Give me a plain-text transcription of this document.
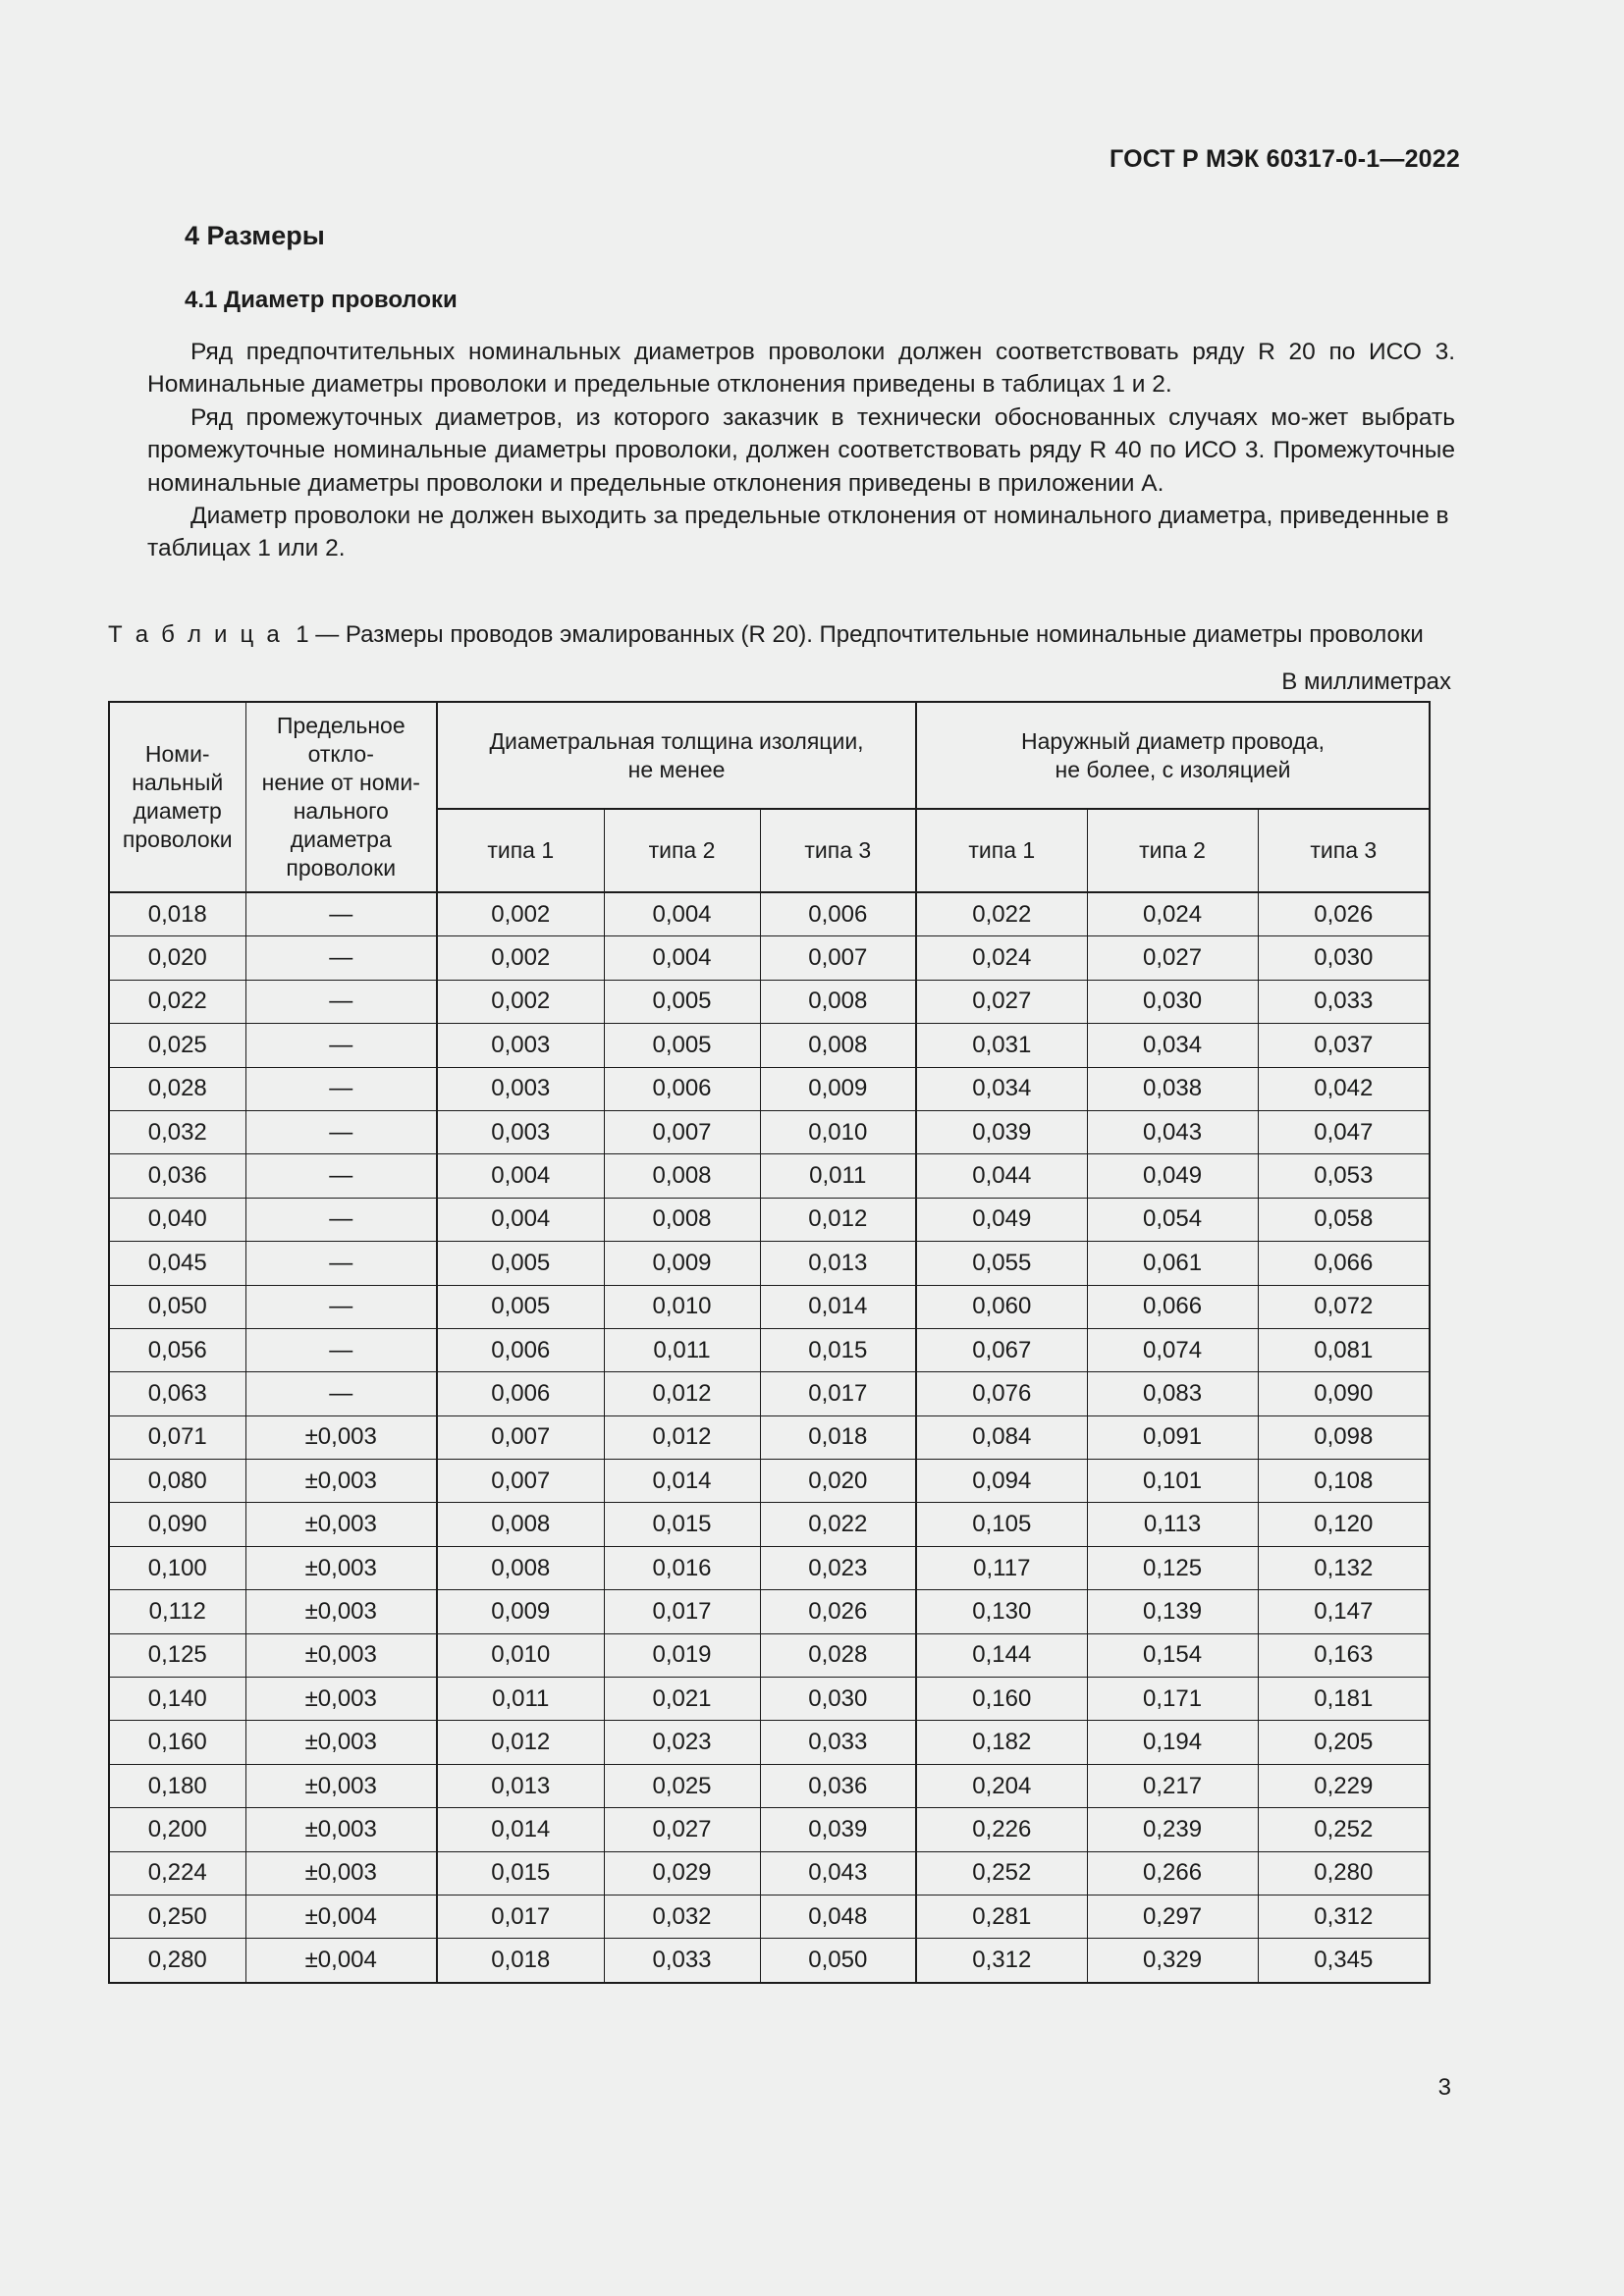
ГОСТ Р МЭК 60317-0-1—2022
4 Размеры
4.1 Диаметр проволоки

Ряд предпочтительных номинальных диаметров проволоки должен соответствовать ряду R 20 по ИСО 3. Номинальные диаметры проволоки и предельные отклонения приведены в таблицах 1 и 2.

Ряд промежуточных диаметров, из которого заказчик в технически обоснованных случаях мо‐жет выбрать промежуточные номинальные диаметры проволоки, должен соответствовать ряду R 40 по ИСО 3. Промежуточные номинальные диаметры проволоки и предельные отклонения приведены в приложении А.

Диаметр проволоки не должен выходить за предельные отклонения от номинального диаметра, приведенные в таблицах 1 или 2.

Т а б л и ц а 1 — Размеры проводов эмалированных (R 20). Предпочтительные номинальные диаметры проволоки
В миллиметрах
Номи-
нальный
диаметр
проволоки	Предельное откло-
нение от номи-
нального диаметра
проволоки	Диаметральная толщина изоляции,
не менее			Наружный диаметр провода,
не более, с изоляцией		
		типа 1	типа 2	типа 3	типа 1	типа 2	типа 3
0,018	—	0,002	0,004	0,006	0,022	0,024	0,026
0,020	—	0,002	0,004	0,007	0,024	0,027	0,030
0,022	—	0,002	0,005	0,008	0,027	0,030	0,033
0,025	—	0,003	0,005	0,008	0,031	0,034	0,037
0,028	—	0,003	0,006	0,009	0,034	0,038	0,042
0,032	—	0,003	0,007	0,010	0,039	0,043	0,047
0,036	—	0,004	0,008	0,011	0,044	0,049	0,053
0,040	—	0,004	0,008	0,012	0,049	0,054	0,058
0,045	—	0,005	0,009	0,013	0,055	0,061	0,066
0,050	—	0,005	0,010	0,014	0,060	0,066	0,072
0,056	—	0,006	0,011	0,015	0,067	0,074	0,081
0,063	—	0,006	0,012	0,017	0,076	0,083	0,090
0,071	±0,003	0,007	0,012	0,018	0,084	0,091	0,098
0,080	±0,003	0,007	0,014	0,020	0,094	0,101	0,108
0,090	±0,003	0,008	0,015	0,022	0,105	0,113	0,120
0,100	±0,003	0,008	0,016	0,023	0,117	0,125	0,132
0,112	±0,003	0,009	0,017	0,026	0,130	0,139	0,147
0,125	±0,003	0,010	0,019	0,028	0,144	0,154	0,163
0,140	±0,003	0,011	0,021	0,030	0,160	0,171	0,181
0,160	±0,003	0,012	0,023	0,033	0,182	0,194	0,205
0,180	±0,003	0,013	0,025	0,036	0,204	0,217	0,229
0,200	±0,003	0,014	0,027	0,039	0,226	0,239	0,252
0,224	±0,003	0,015	0,029	0,043	0,252	0,266	0,280
0,250	±0,004	0,017	0,032	0,048	0,281	0,297	0,312
0,280	±0,004	0,018	0,033	0,050	0,312	0,329	0,345
3
